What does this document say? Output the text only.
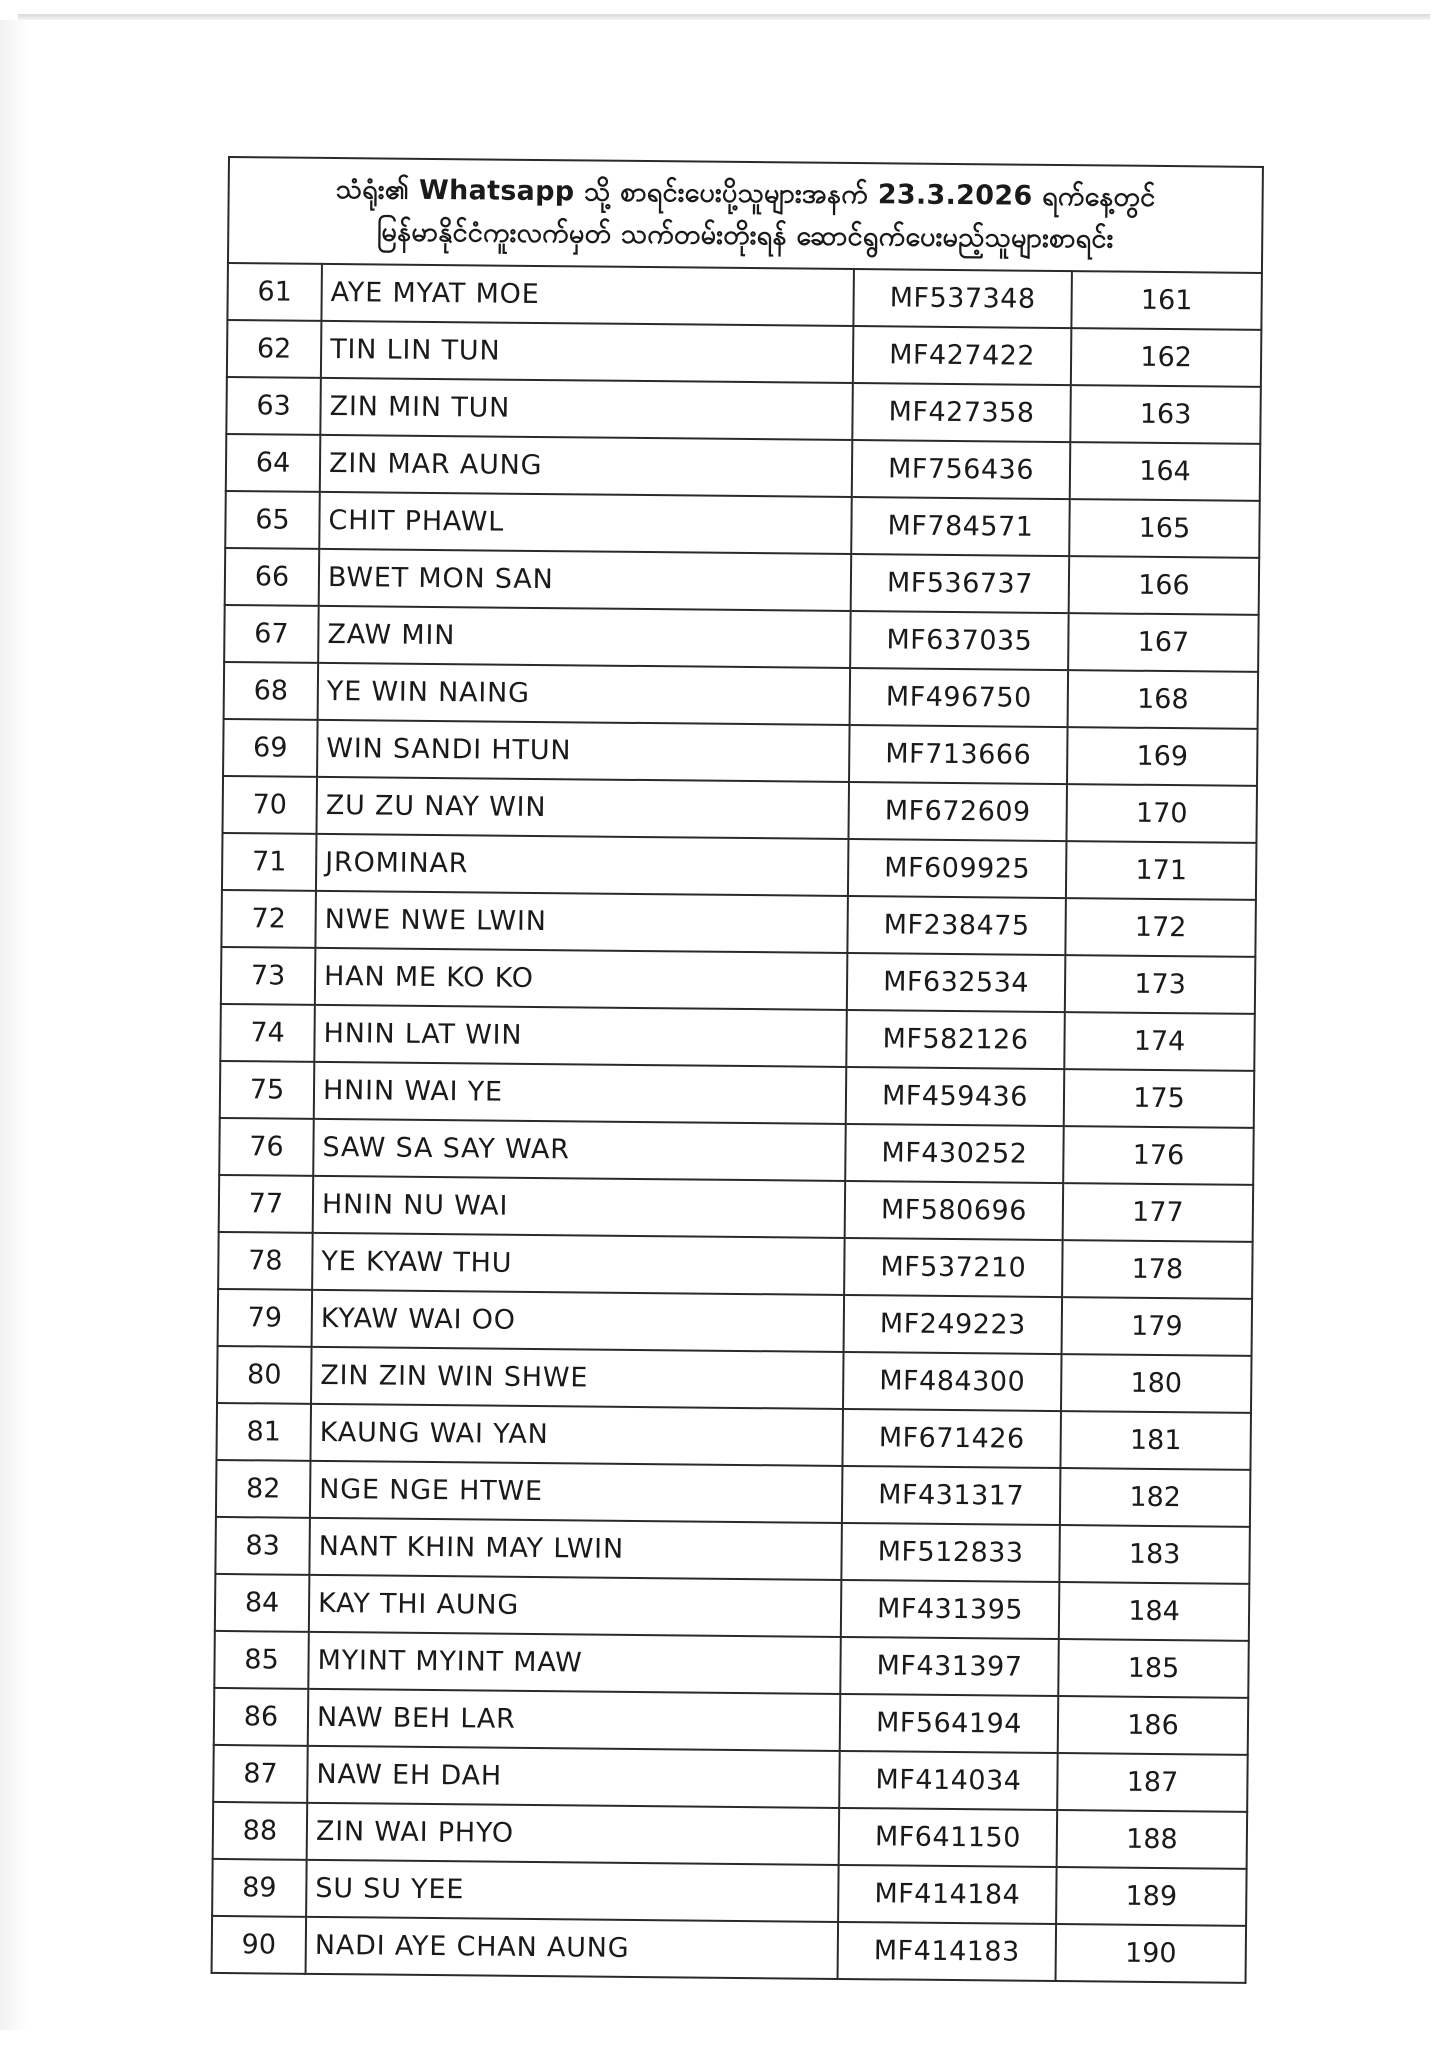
သံရုံး၏ Whatsapp သို့ စာရင်းပေးပို့သူများအနက် 23.3.2026 ရက်နေ့တွင်
မြန်မာနိုင်ငံကူးလက်မှတ် သက်တမ်းတိုးရန် ဆောင်ရွက်ပေးမည့်သူများစာရင်း			

61	AYE MYAT MOE	MF537348	161
62	TIN LIN TUN	MF427422	162
63	ZIN MIN TUN	MF427358	163
64	ZIN MAR AUNG	MF756436	164
65	CHIT PHAWL	MF784571	165
66	BWET MON SAN	MF536737	166
67	ZAW MIN	MF637035	167
68	YE WIN NAING	MF496750	168
69	WIN SANDI HTUN	MF713666	169
70	ZU ZU NAY WIN	MF672609	170
71	JROMINAR	MF609925	171
72	NWE NWE LWIN	MF238475	172
73	HAN ME KO KO	MF632534	173
74	HNIN LAT WIN	MF582126	174
75	HNIN WAI YE	MF459436	175
76	SAW SA SAY WAR	MF430252	176
77	HNIN NU WAI	MF580696	177
78	YE KYAW THU	MF537210	178
79	KYAW WAI OO	MF249223	179
80	ZIN ZIN WIN SHWE	MF484300	180
81	KAUNG WAI YAN	MF671426	181
82	NGE NGE HTWE	MF431317	182
83	NANT KHIN MAY LWIN	MF512833	183
84	KAY THI AUNG	MF431395	184
85	MYINT MYINT MAW	MF431397	185
86	NAW BEH LAR	MF564194	186
87	NAW EH DAH	MF414034	187
88	ZIN WAI PHYO	MF641150	188
89	SU SU YEE	MF414184	189
90	NADI AYE CHAN AUNG	MF414183	190
